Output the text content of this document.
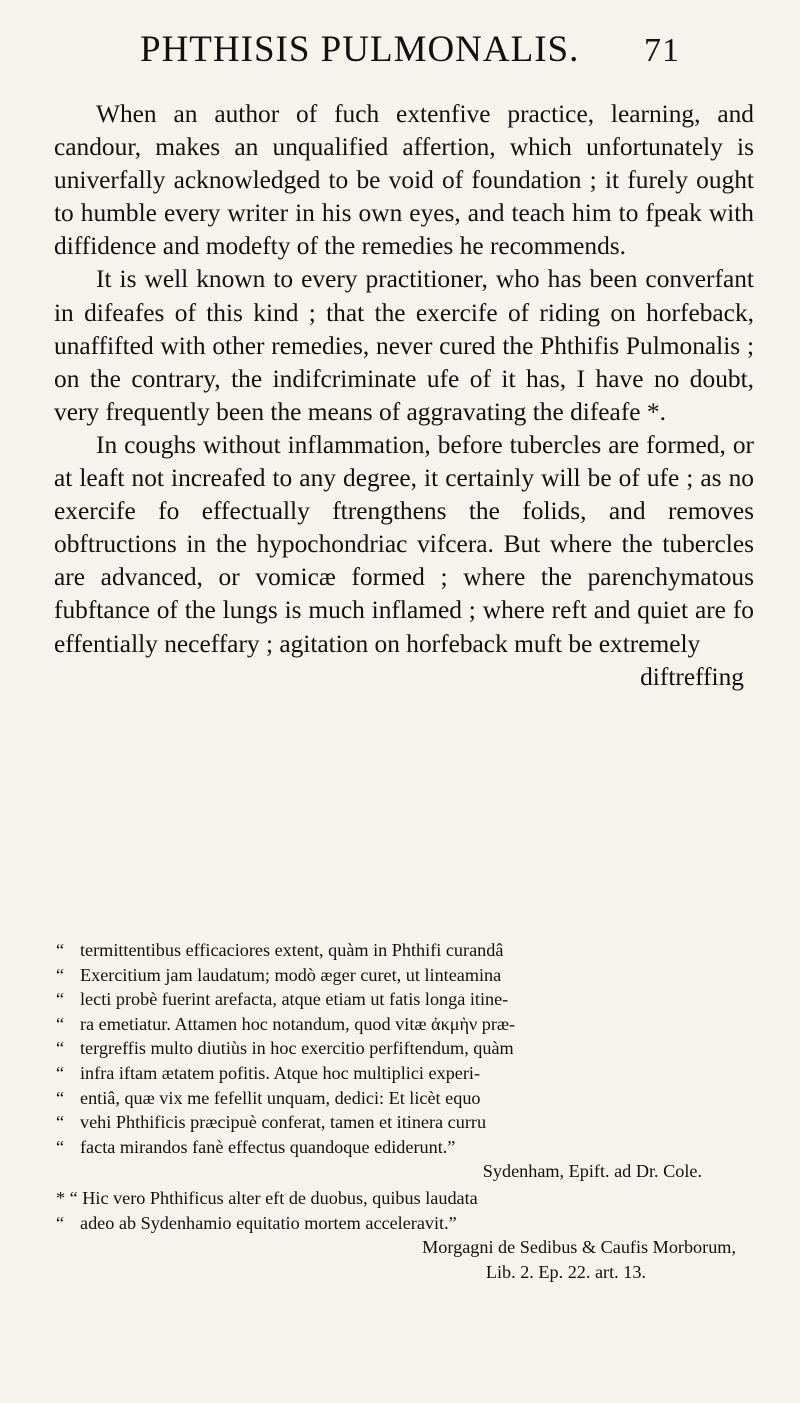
PHTHISIS PULMONALIS. 71

When an author of fuch extenfive practice, learning, and candour, makes an unqualified affertion, which unfortunately is univerfally acknowledged to be void of foundation ; it furely ought to humble every writer in his own eyes, and teach him to fpeak with diffidence and modefty of the remedies he recommends.

It is well known to every practitioner, who has been converfant in difeafes of this kind ; that the exercife of riding on horfeback, unaffifted with other remedies, never cured the Phthifis Pulmonalis ; on the contrary, the indifcriminate ufe of it has, I have no doubt, very frequently been the means of aggravating the difeafe *.

In coughs without inflammation, before tubercles are formed, or at leaft not increafed to any degree, it certainly will be of ufe ; as no exercife fo effectually ftrengthens the folids, and removes obftructions in the hypochondriac vifcera. But where the tubercles are advanced, or vomicæ formed ; where the parenchymatous fubftance of the lungs is much inflamed ; where reft and quiet are fo effentially neceffary ; agitation on horfeback muft be extremely

diftreffing

“ termittentibus efficaciores extent, quàm in Phthifi curandâ

“ Exercitium jam laudatum; modò æger curet, ut linteamina

“ lecti probè fuerint arefacta, atque etiam ut fatis longa itine-

“ ra emetiatur. Attamen hoc notandum, quod vitæ ἀκμὴν præ-

“ tergreffis multo diutiùs in hoc exercitio perfiftendum, quàm

“ infra iftam ætatem pofitis. Atque hoc multiplici experi-

“ entiâ, quæ vix me fefellit unquam, dedici: Et licèt equo

“ vehi Phthificis præcipuè conferat, tamen et itinera curru

“ facta mirandos fanè effectus quandoque ediderunt.”

Sydenham, Epift. ad Dr. Cole.

* “ Hic vero Phthificus alter eft de duobus, quibus laudata

“ adeo ab Sydenhamio equitatio mortem acceleravit.”

Morgagni de Sedibus & Caufis Morborum,

Lib. 2. Ep. 22. art. 13.
